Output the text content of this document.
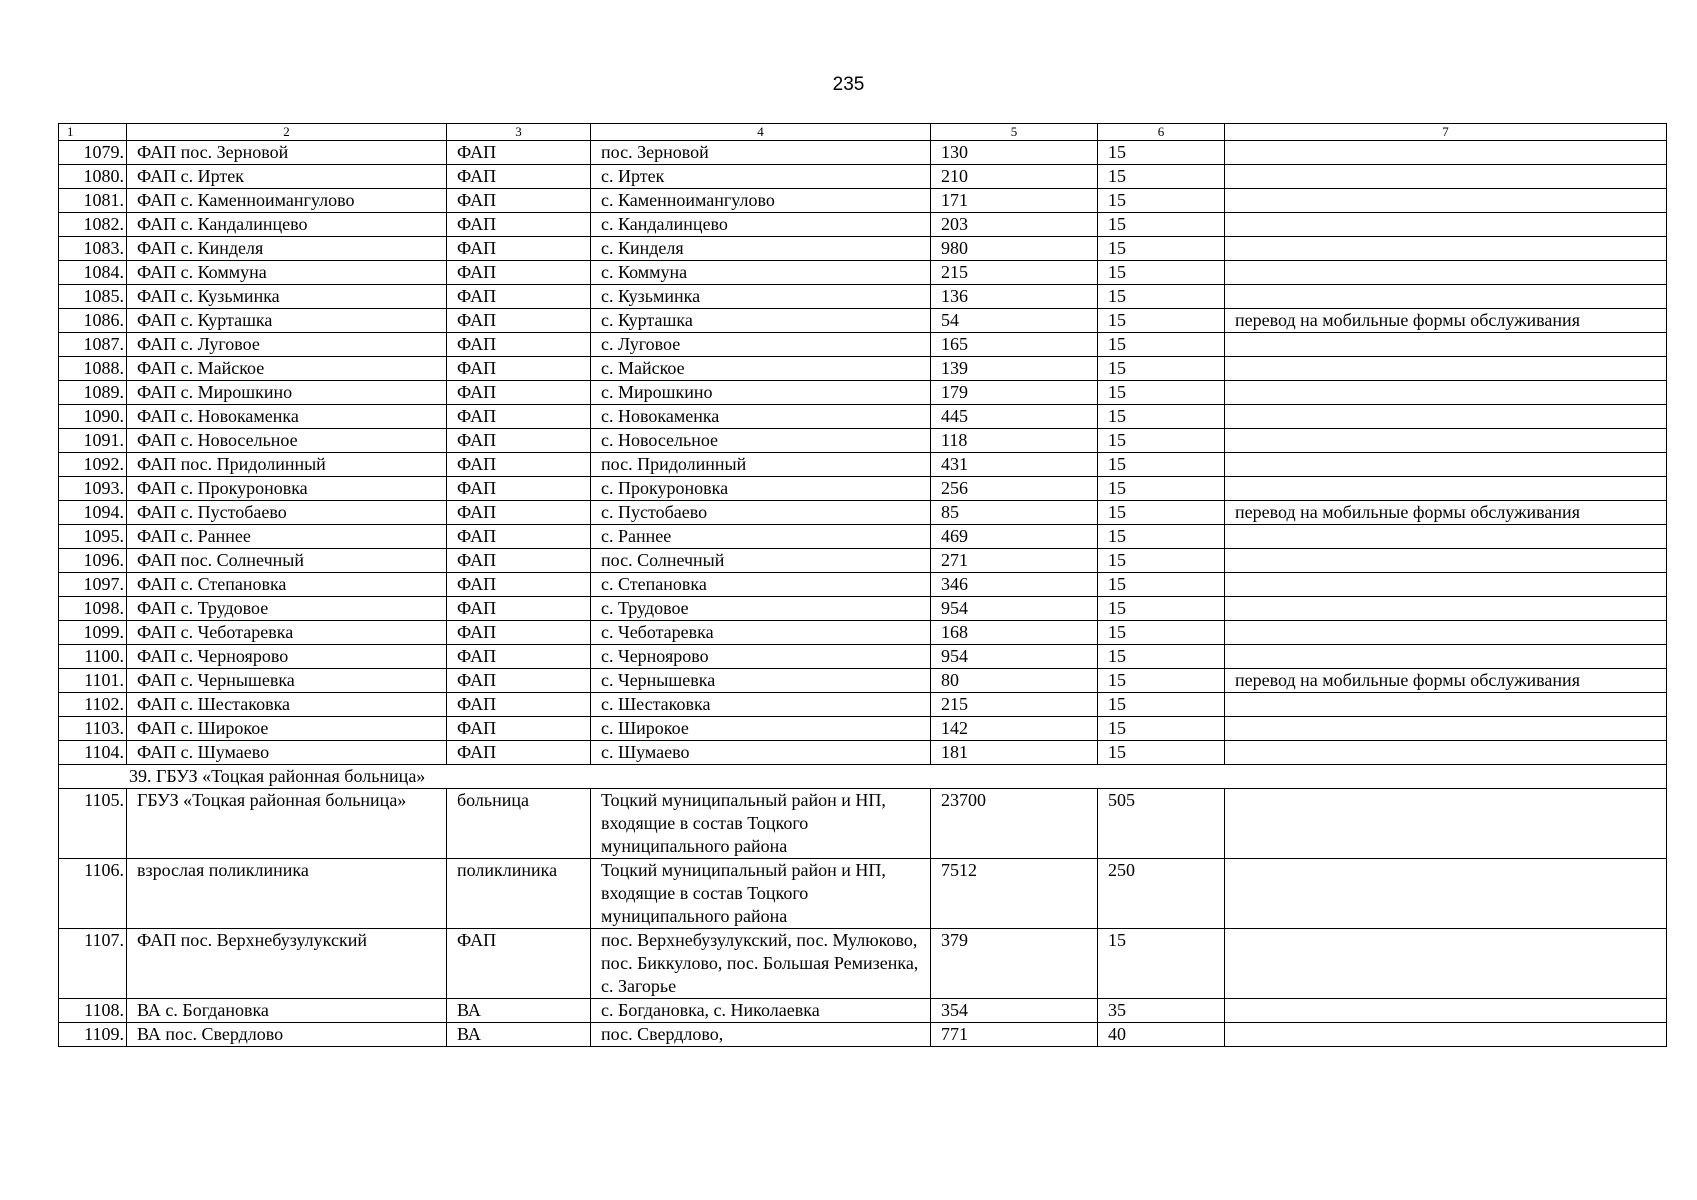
235
1	2	3	4	5	6	7
1079.	ФАП пос. Зерновой	ФАП	пос. Зерновой	130	15	
1080.	ФАП с. Иртек	ФАП	с. Иртек	210	15	
1081.	ФАП с. Каменноимангулово	ФАП	с. Каменноимангулово	171	15	
1082.	ФАП с. Кандалинцево	ФАП	с. Кандалинцево	203	15	
1083.	ФАП с. Кинделя	ФАП	с. Кинделя	980	15	
1084.	ФАП с. Коммуна	ФАП	с. Коммуна	215	15	
1085.	ФАП с. Кузьминка	ФАП	с. Кузьминка	136	15	
1086.	ФАП с. Курташка	ФАП	с. Курташка	54	15	перевод на мобильные формы обслуживания
1087.	ФАП с. Луговое	ФАП	с. Луговое	165	15	
1088.	ФАП с. Майское	ФАП	с. Майское	139	15	
1089.	ФАП с. Мирошкино	ФАП	с. Мирошкино	179	15	
1090.	ФАП с. Новокаменка	ФАП	с. Новокаменка	445	15	
1091.	ФАП с. Новосельное	ФАП	с. Новосельное	118	15	
1092.	ФАП пос. Придолинный	ФАП	пос. Придолинный	431	15	
1093.	ФАП с. Прокуроновка	ФАП	с. Прокуроновка	256	15	
1094.	ФАП с. Пустобаево	ФАП	с. Пустобаево	85	15	перевод на мобильные формы обслуживания
1095.	ФАП с. Раннее	ФАП	с. Раннее	469	15	
1096.	ФАП пос. Солнечный	ФАП	пос. Солнечный	271	15	
1097.	ФАП с. Степановка	ФАП	с. Степановка	346	15	
1098.	ФАП с. Трудовое	ФАП	с. Трудовое	954	15	
1099.	ФАП с. Чеботаревка	ФАП	с. Чеботаревка	168	15	
1100.	ФАП с. Черноярово	ФАП	с. Черноярово	954	15	
1101.	ФАП с. Чернышевка	ФАП	с. Чернышевка	80	15	перевод на мобильные формы обслуживания
1102.	ФАП с. Шестаковка	ФАП	с. Шестаковка	215	15	
1103.	ФАП с. Широкое	ФАП	с. Широкое	142	15	
1104.	ФАП с. Шумаево	ФАП	с. Шумаево	181	15	
39. ГБУЗ «Тоцкая районная больница»						
1105.	ГБУЗ «Тоцкая районная больница»	больница	Тоцкий муниципальный район и НП, входящие в состав Тоцкого муниципального района	23700	505	
1106.	взрослая поликлиника	поликлиника	Тоцкий муниципальный район и НП, входящие в состав Тоцкого муниципального района	7512	250	
1107.	ФАП пос. Верхнебузулукский	ФАП	пос. Верхнебузулукский, пос. Мулюково, пос. Биккулово, пос. Большая Ремизенка, с. Загорье	379	15	
1108.	ВА с. Богдановка	ВА	с. Богдановка, с. Николаевка	354	35	
1109.	ВА пос. Свердлово	ВА	пос. Свердлово,	771	40	
